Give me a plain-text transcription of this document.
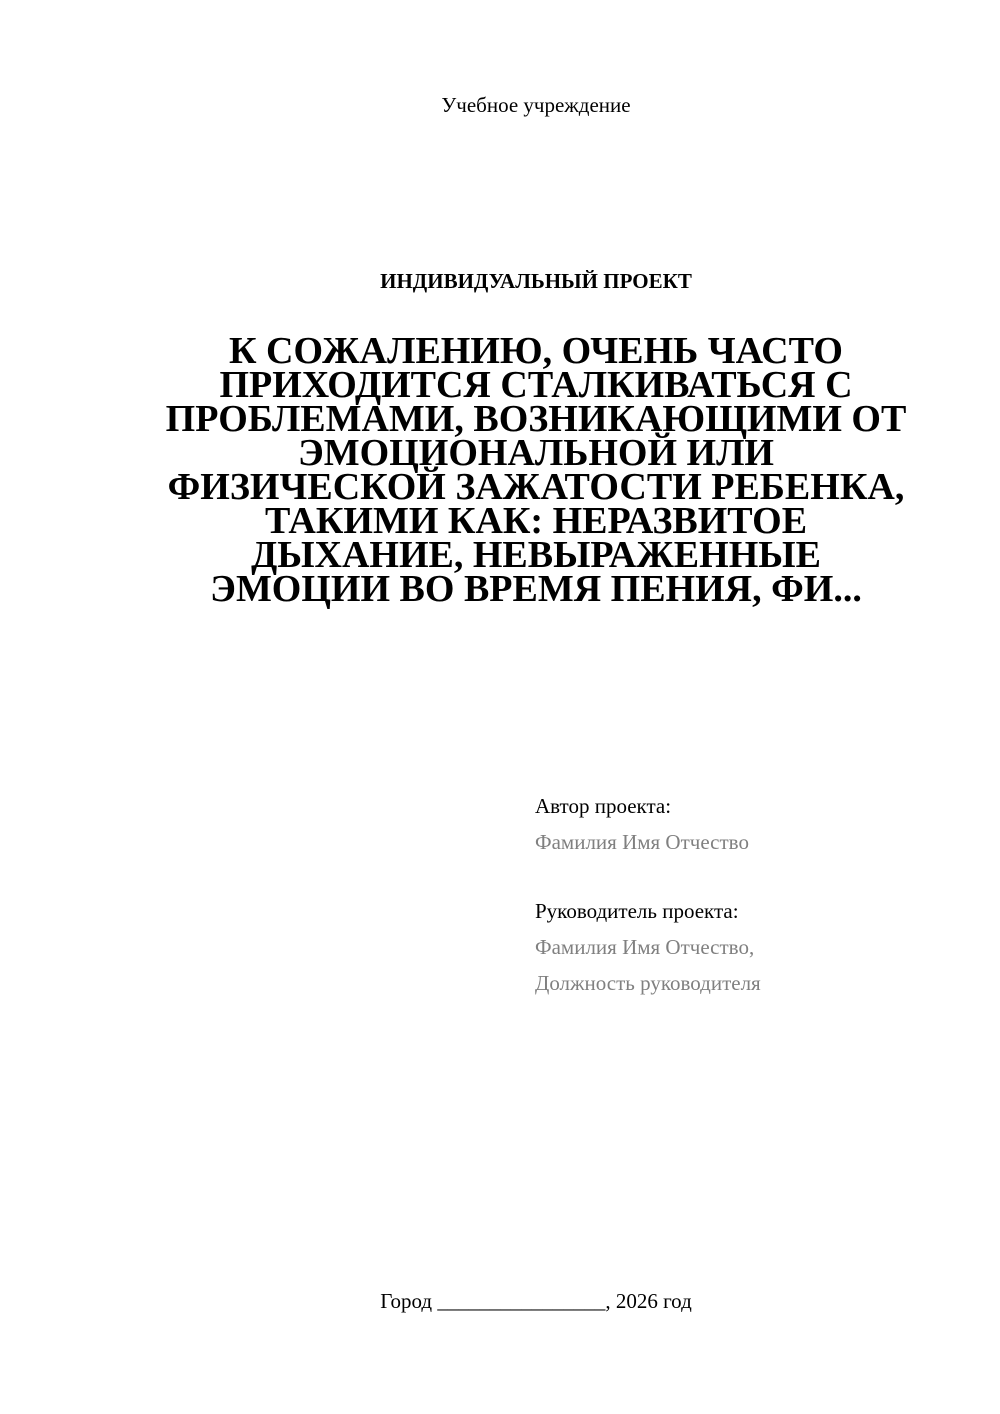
Учебное учреждение
ИНДИВИДУАЛЬНЫЙ ПРОЕКТ
К СОЖАЛЕНИЮ, ОЧЕНЬ ЧАСТО
ПРИХОДИТСЯ СТАЛКИВАТЬСЯ С
ПРОБЛЕМАМИ, ВОЗНИКАЮЩИМИ ОТ
ЭМОЦИОНАЛЬНОЙ ИЛИ
ФИЗИЧЕСКОЙ ЗАЖАТОСТИ РЕБЕНКА,
ТАКИМИ КАК: НЕРАЗВИТОЕ
ДЫХАНИЕ, НЕВЫРАЖЕННЫЕ
ЭМОЦИИ ВО ВРЕМЯ ПЕНИЯ, ФИ...
Автор проекта:
Фамилия Имя Отчество
Руководитель проекта:
Фамилия Имя Отчество,
Должность руководителя
Город ________________, 2026 год
